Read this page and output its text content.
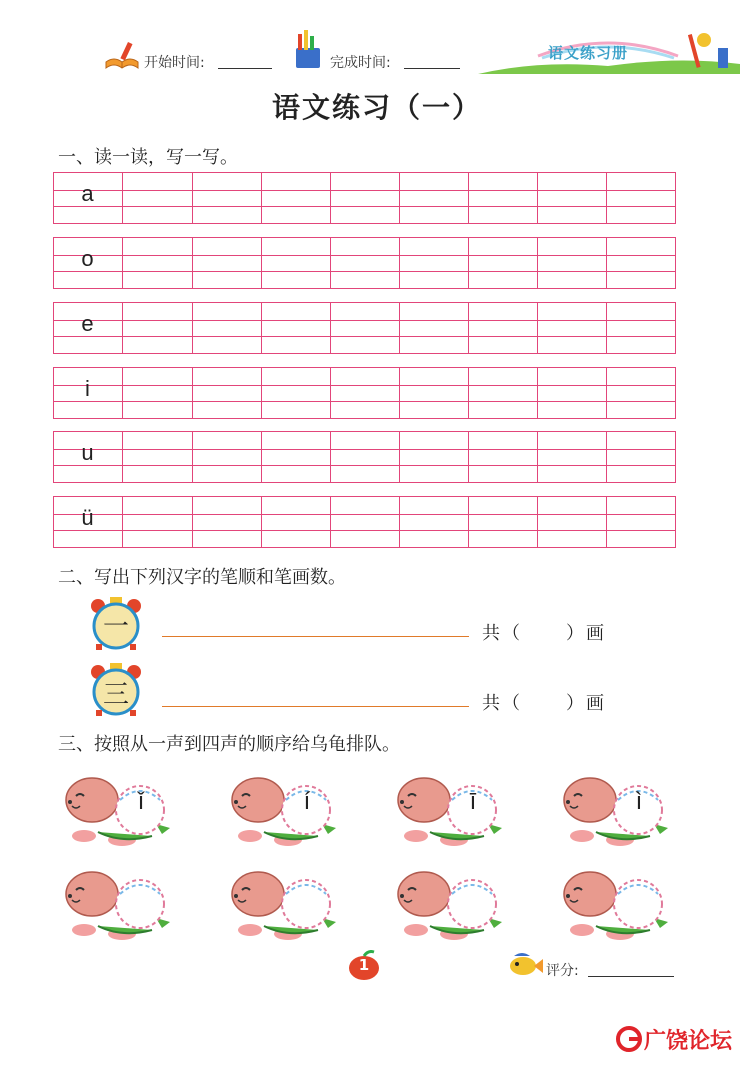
开始时间:	完成时间:
语文练习册
语文练习（一）
一、读一读，写一写。
a
o
e
i
u
ü
二、写出下列汉字的笔顺和笔画数。
一	共（ ）画
三	共（ ）画
三、按照从一声到四声的顺序给乌龟排队。
ǐ	í	ī	ì
1	评分:
广饶论坛
